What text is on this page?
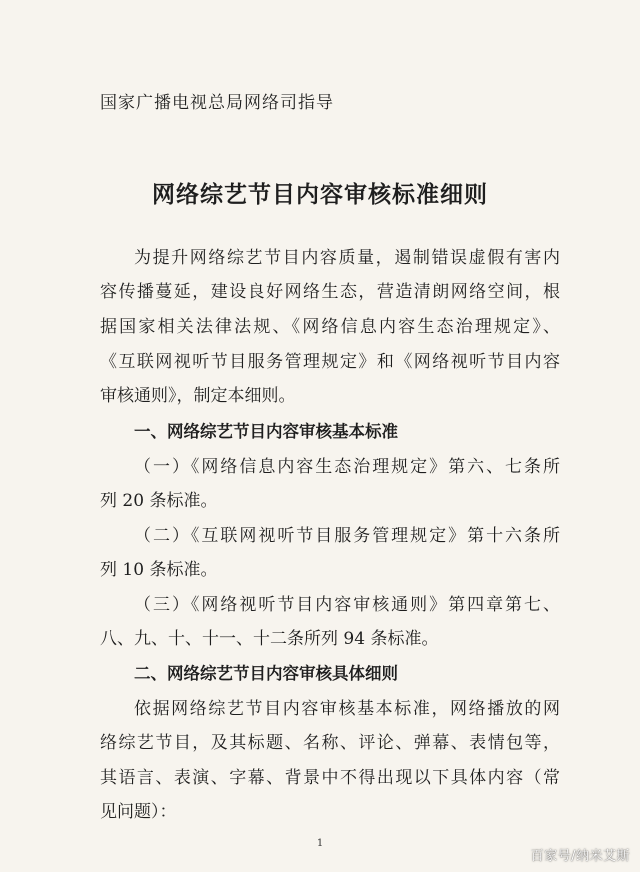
国家广播电视总局网络司指导
网络综艺节目内容审核标准细则
为提升网络综艺节目内容质量，遏制错误虚假有害内
容传播蔓延，建设良好网络生态，营造清朗网络空间，根
据国家相关法律法规、《网络信息内容生态治理规定》、
《互联网视听节目服务管理规定》和《网络视听节目内容
审核通则》，制定本细则。
一、网络综艺节目内容审核基本标准
（一）《网络信息内容生态治理规定》第六、七条所
列 20 条标准。
（二）《互联网视听节目服务管理规定》第十六条所
列 10 条标准。
（三）《网络视听节目内容审核通则》第四章第七、
八、九、十、十一、十二条所列 94 条标准。
二、网络综艺节目内容审核具体细则
依据网络综艺节目内容审核基本标准，网络播放的网
络综艺节目，及其标题、名称、评论、弹幕、表情包等，
其语言、表演、字幕、背景中不得出现以下具体内容（常
见问题）：
1
百家号/纳米艾斯
